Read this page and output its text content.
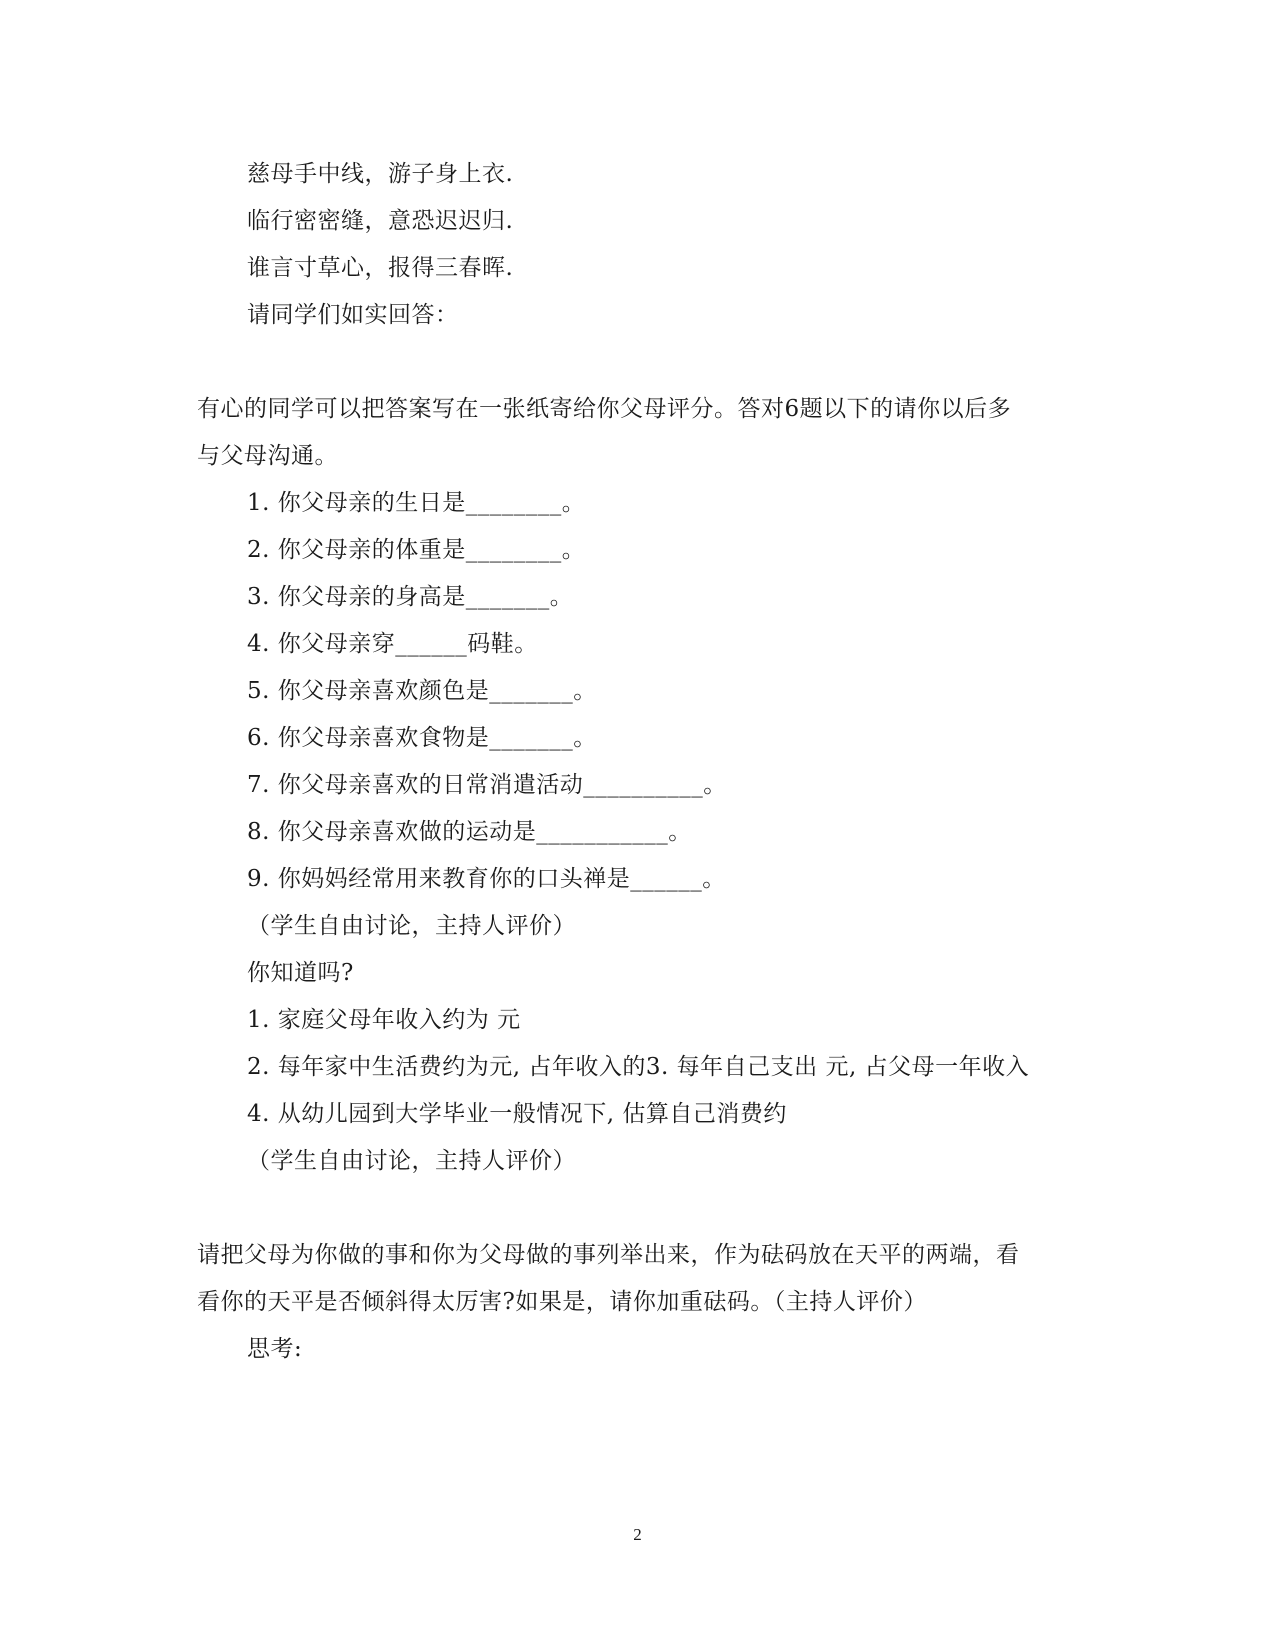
慈母手中线，游子身上衣.
临行密密缝，意恐迟迟归.
谁言寸草心，报得三春晖.
请同学们如实回答：
有心的同学可以把答案写在一张纸寄给你父母评分。答对6题以下的请你以后多
与父母沟通。
1. 你父母亲的生日是________。
2. 你父母亲的体重是________。
3. 你父母亲的身高是_______。
4. 你父母亲穿______码鞋。
5. 你父母亲喜欢颜色是_______。
6. 你父母亲喜欢食物是_______。
7. 你父母亲喜欢的日常消遣活动__________。
8. 你父母亲喜欢做的运动是___________。
9. 你妈妈经常用来教育你的口头禅是______。
（学生自由讨论，主持人评价）
你知道吗?
1. 家庭父母年收入约为 元
2. 每年家中生活费约为元, 占年收入的3. 每年自己支出 元, 占父母一年收入
4. 从幼儿园到大学毕业一般情况下, 估算自己消费约
（学生自由讨论，主持人评价）
请把父母为你做的事和你为父母做的事列举出来，作为砝码放在天平的两端，看
看你的天平是否倾斜得太厉害?如果是，请你加重砝码。（主持人评价）
思考:
2
